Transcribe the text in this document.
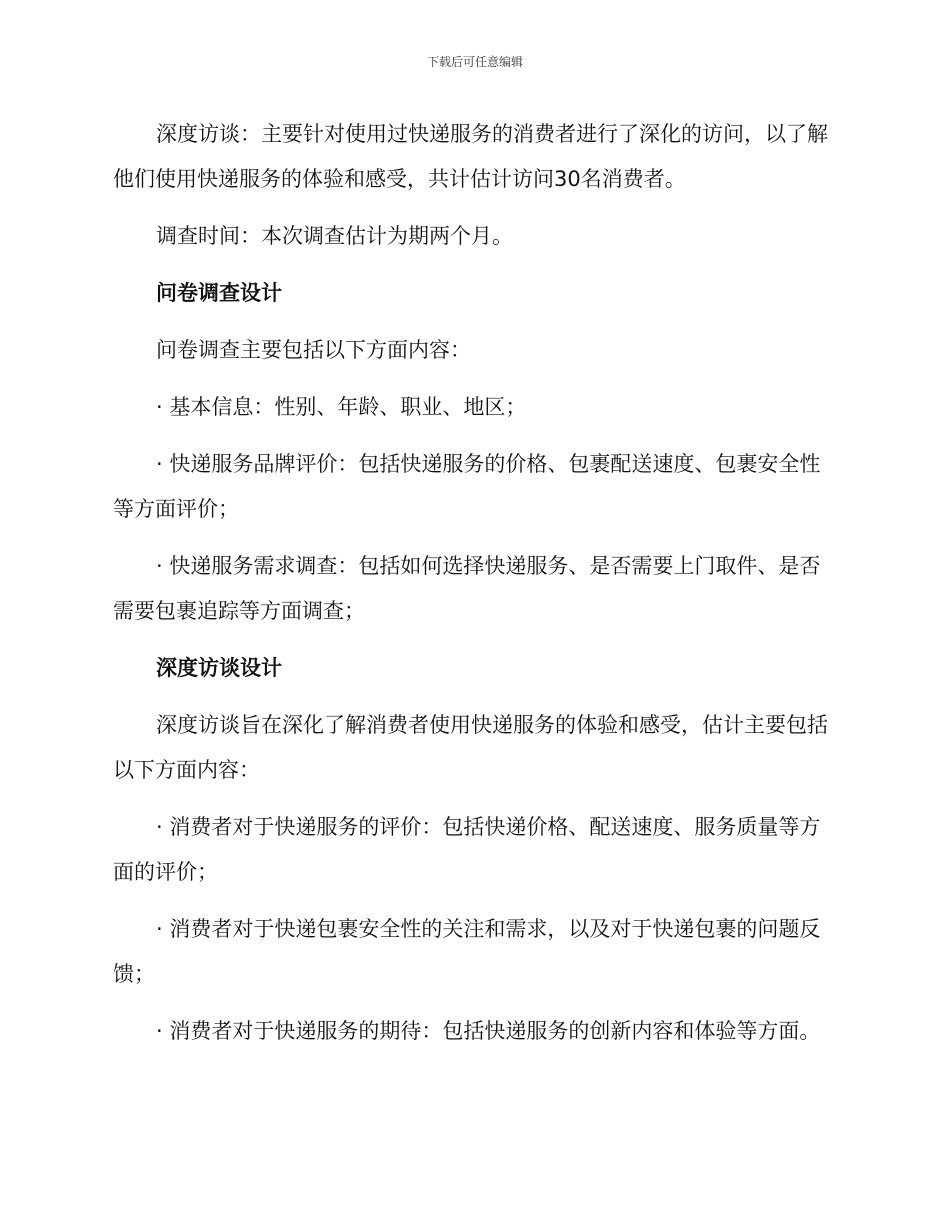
下载后可任意编辑

深度访谈：主要针对使用过快递服务的消费者进行了深化的访问，以了解他们使用快递服务的体验和感受，共计估计访问30名消费者。

调查时间：本次调查估计为期两个月。

问卷调查设计

问卷调查主要包括以下方面内容：

· 基本信息：性别、年龄、职业、地区；

· 快递服务品牌评价：包括快递服务的价格、包裹配送速度、包裹安全性等方面评价；

· 快递服务需求调查：包括如何选择快递服务、是否需要上门取件、是否需要包裹追踪等方面调查；

深度访谈设计

深度访谈旨在深化了解消费者使用快递服务的体验和感受，估计主要包括以下方面内容：

· 消费者对于快递服务的评价：包括快递价格、配送速度、服务质量等方面的评价；

· 消费者对于快递包裹安全性的关注和需求，以及对于快递包裹的问题反馈；

· 消费者对于快递服务的期待：包括快递服务的创新内容和体验等方面。
